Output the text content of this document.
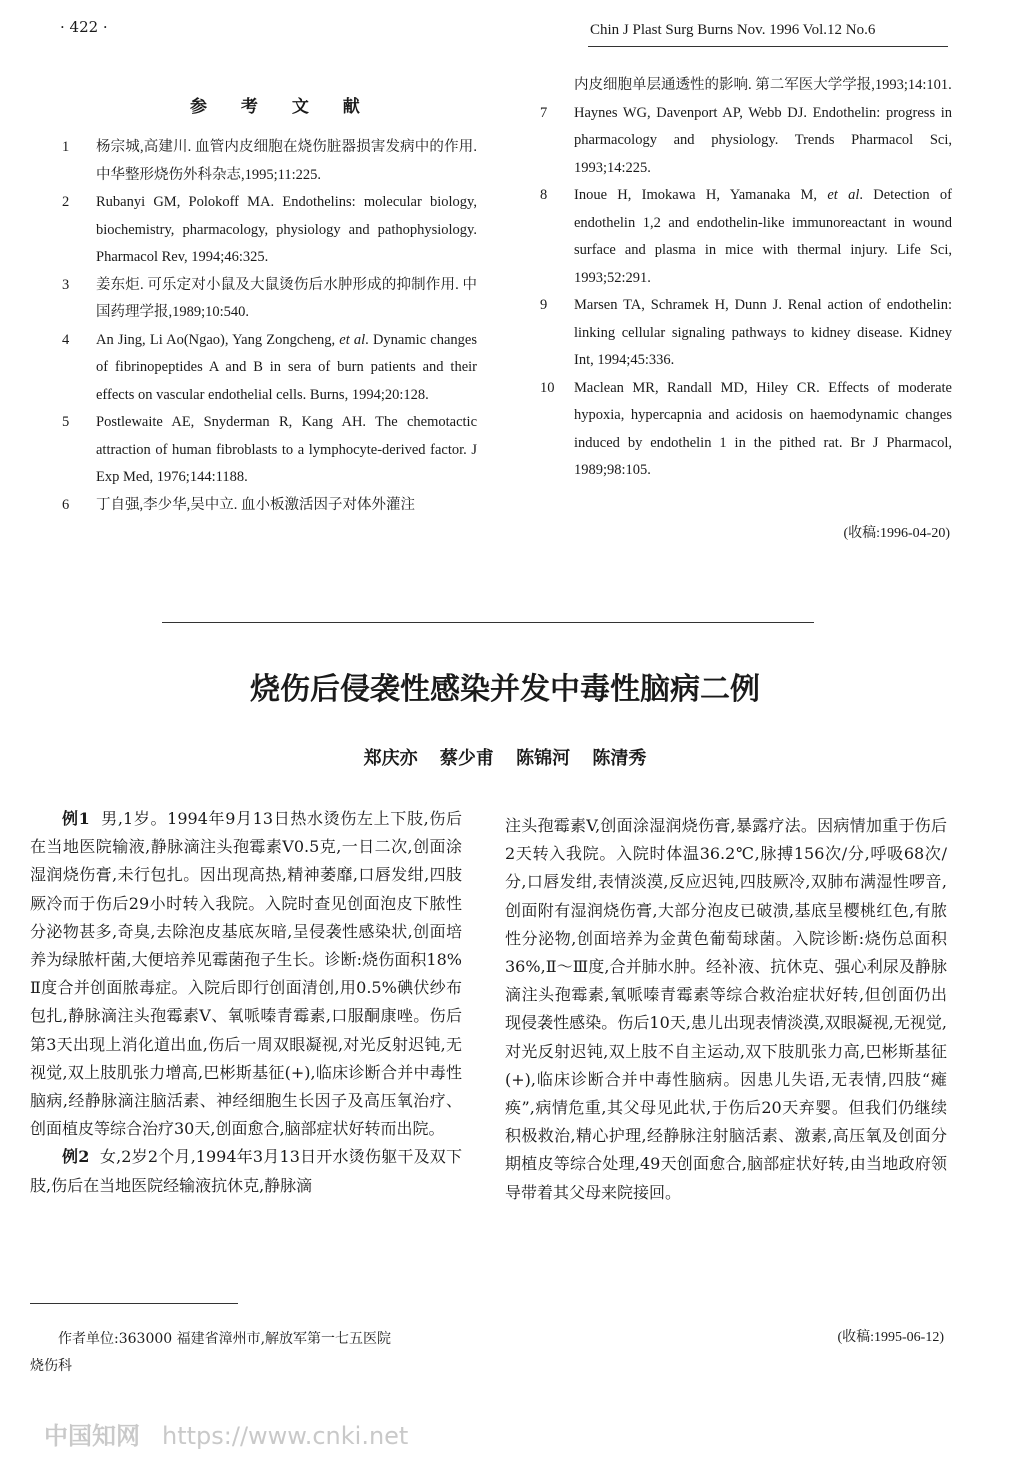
· 422 ·	Chin J Plast Surg Burns Nov. 1996 Vol.12 No.6
参 考 文 献
1	杨宗城,高建川. 血管内皮细胞在烧伤脏器损害发病中的作用. 中华整形烧伤外科杂志,1995;11:225.
2	Rubanyi GM, Polokoff MA. Endothelins: molecular biology, biochemistry, pharmacology, physiology and pathophysiology. Pharmacol Rev, 1994;46:325.
3	姜东炬. 可乐定对小鼠及大鼠烫伤后水肿形成的抑制作用. 中国药理学报,1989;10:540.
4	An Jing, Li Ao(Ngao), Yang Zongcheng, et al. Dynamic changes of fibrinopeptides A and B in sera of burn patients and their effects on vascular endothelial cells. Burns, 1994;20:128.
5	Postlewaite AE, Snyderman R, Kang AH. The chemotactic attraction of human fibroblasts to a lymphocyte-derived factor. J Exp Med, 1976;144:1188.
6	丁自强,李少华,吴中立. 血小板激活因子对体外灌注
内皮细胞单层通透性的影响. 第二军医大学学报,1993;14:101.
7	Haynes WG, Davenport AP, Webb DJ. Endothelin: progress in pharmacology and physiology. Trends Pharmacol Sci, 1993;14:225.
8	Inoue H, Imokawa H, Yamanaka M, et al. Detection of endothelin 1,2 and endothelin-like immunoreactant in wound surface and plasma in mice with thermal injury. Life Sci, 1993;52:291.
9	Marsen TA, Schramek H, Dunn J. Renal action of endothelin: linking cellular signaling pathways to kidney disease. Kidney Int, 1994;45:336.
10	Maclean MR, Randall MD, Hiley CR. Effects of moderate hypoxia, hypercapnia and acidosis on haemodynamic changes induced by endothelin 1 in the pithed rat. Br J Pharmacol, 1989;98:105.
(收稿:1996-04-20)
烧伤后侵袭性感染并发中毒性脑病二例
郑庆亦 蔡少甫 陈锦河 陈清秀

例1 男,1岁。1994年9月13日热水烫伤左上下肢,伤后在当地医院输液,静脉滴注头孢霉素V0.5克,一日二次,创面涂湿润烧伤膏,未行包扎。因出现高热,精神萎靡,口唇发绀,四肢厥冷而于伤后29小时转入我院。入院时查见创面泡皮下脓性分泌物甚多,奇臭,去除泡皮基底灰暗,呈侵袭性感染状,创面培养为绿脓杆菌,大便培养见霉菌孢子生长。诊断:烧伤面积18% Ⅱ度合并创面脓毒症。入院后即行创面清创,用0.5%碘伏纱布包扎,静脉滴注头孢霉素V、氧哌嗪青霉素,口服酮康唑。伤后第3天出现上消化道出血,伤后一周双眼凝视,对光反射迟钝,无视觉,双上肢肌张力增高,巴彬斯基征(+),临床诊断合并中毒性脑病,经静脉滴注脑活素、神经细胞生长因子及高压氧治疗、创面植皮等综合治疗30天,创面愈合,脑部症状好转而出院。

例2 女,2岁2个月,1994年3月13日开水烫伤躯干及双下肢,伤后在当地医院经输液抗休克,静脉滴

注头孢霉素V,创面涂湿润烧伤膏,暴露疗法。因病情加重于伤后2天转入我院。入院时体温36.2℃,脉搏156次/分,呼吸68次/分,口唇发绀,表情淡漠,反应迟钝,四肢厥冷,双肺布满湿性啰音,创面附有湿润烧伤膏,大部分泡皮已破溃,基底呈樱桃红色,有脓性分泌物,创面培养为金黄色葡萄球菌。入院诊断:烧伤总面积36%,Ⅱ～Ⅲ度,合并肺水肿。经补液、抗休克、强心利尿及静脉滴注头孢霉素,氧哌嗪青霉素等综合救治症状好转,但创面仍出现侵袭性感染。伤后10天,患儿出现表情淡漠,双眼凝视,无视觉,对光反射迟钝,双上肢不自主运动,双下肢肌张力高,巴彬斯基征(+),临床诊断合并中毒性脑病。因患儿失语,无表情,四肢“瘫痪”,病情危重,其父母见此状,于伤后20天弃婴。但我们仍继续积极救治,精心护理,经静脉注射脑活素、激素,高压氧及创面分期植皮等综合处理,49天创面愈合,脑部症状好转,由当地政府领导带着其父母来院接回。

作者单位:363000 福建省漳州市,解放军第一七五医院
烧伤科
(收稿:1995-06-12)
中国知网 https://www.cnki.net
